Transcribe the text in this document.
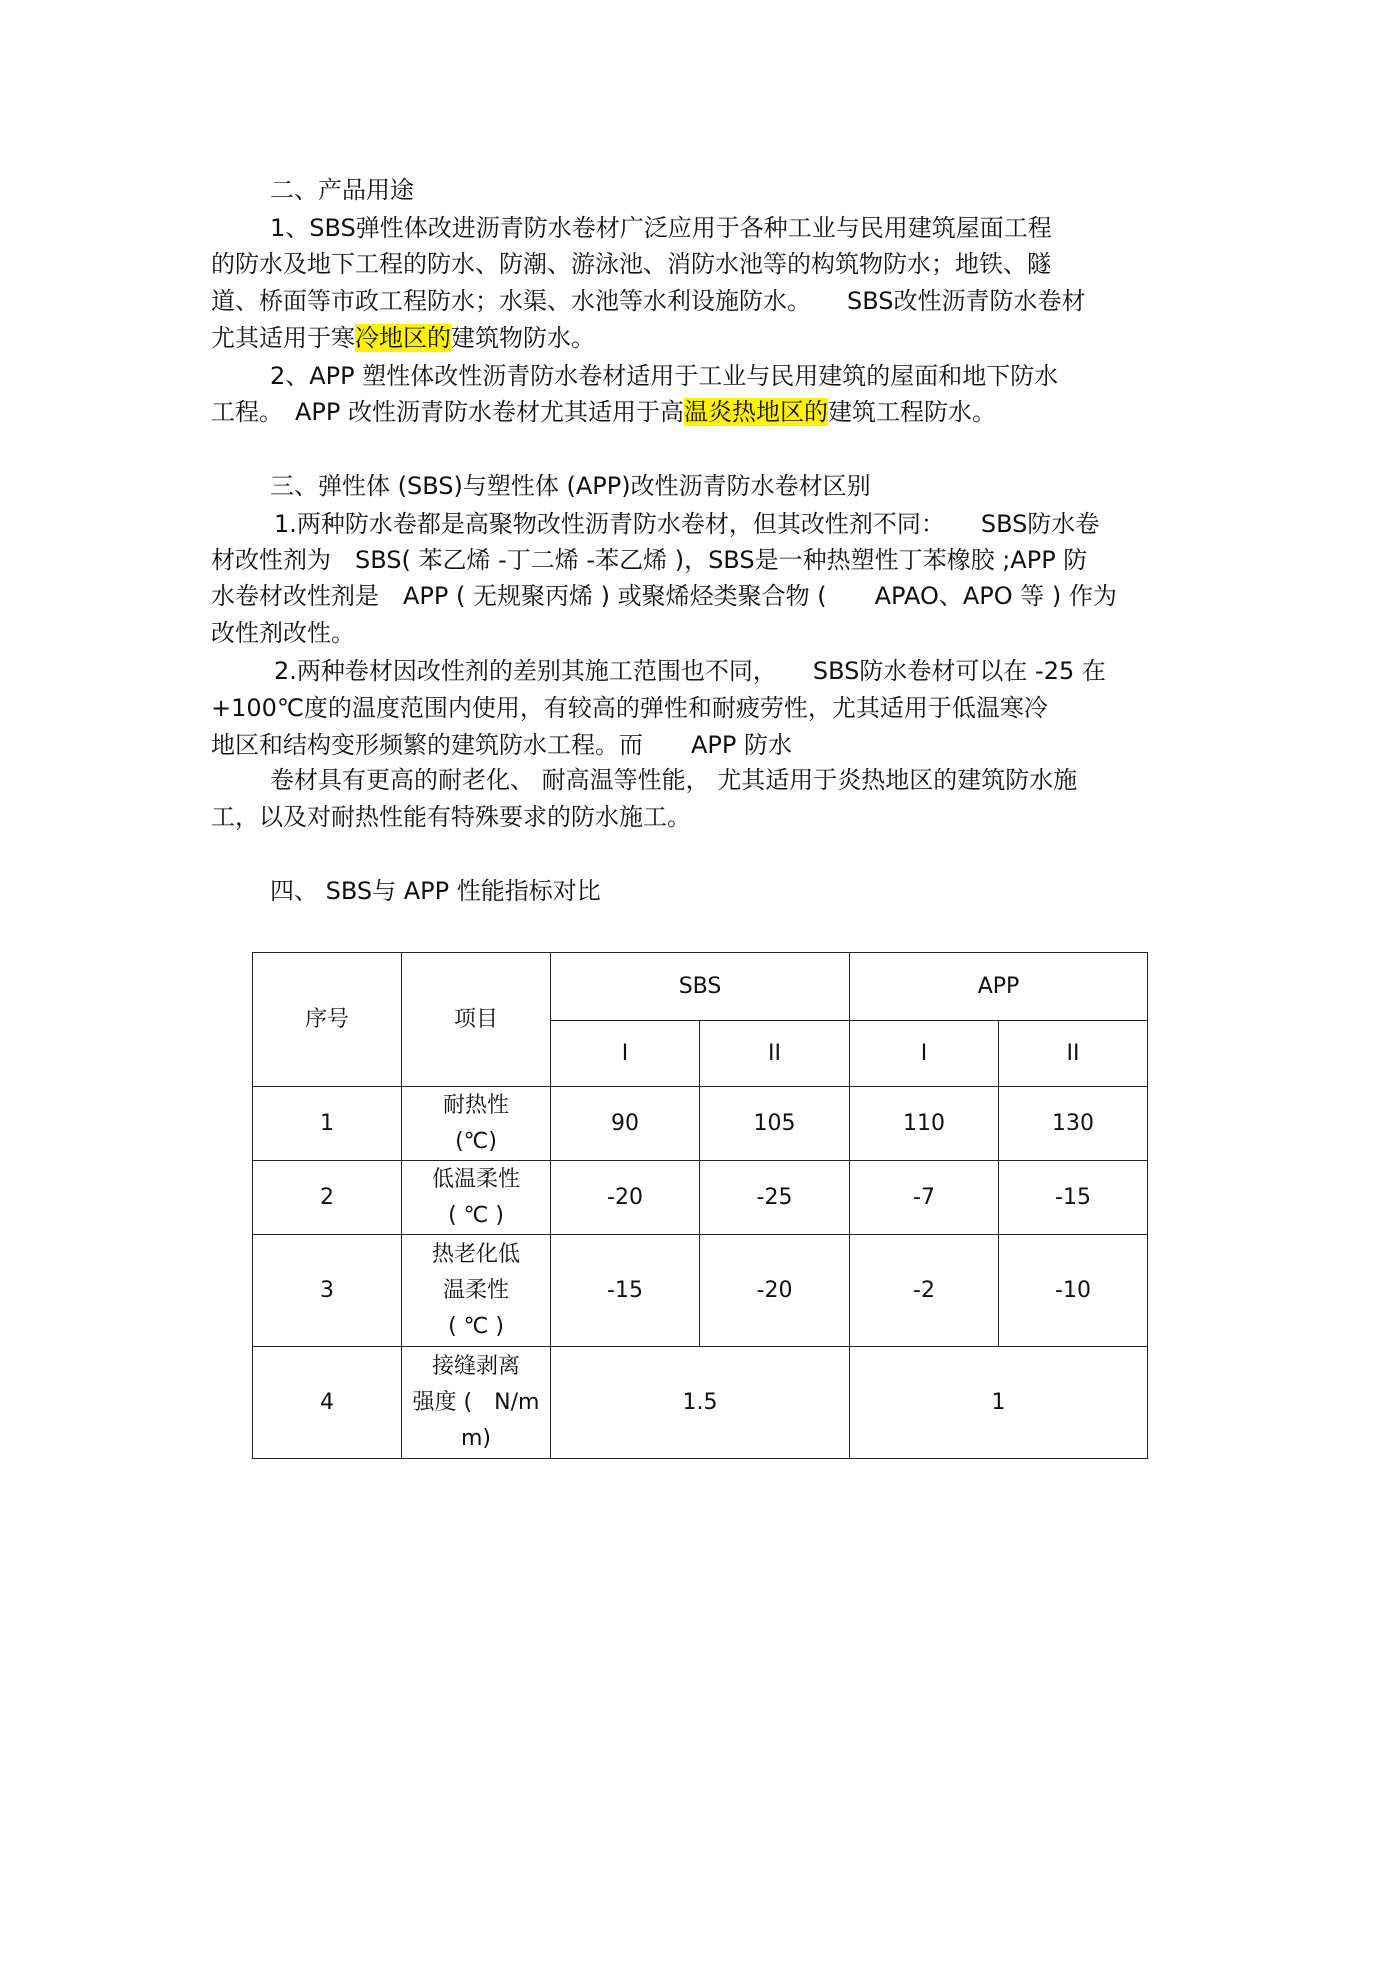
二、产品用途
1、SBS弹性体改进沥青防水卷材广泛应用于各种工业与民用建筑屋面工程
的防水及地下工程的防水、防潮、游泳池、消防水池等的构筑物防水；地铁、隧
道、桥面等市政工程防水；水渠、水池等水利设施防水。　　SBS改性沥青防水卷材
尤其适用于寒冷地区的建筑物防水。
2、APP 塑性体改性沥青防水卷材适用于工业与民用建筑的屋面和地下防水
工程。　APP 改性沥青防水卷材尤其适用于高温炎热地区的建筑工程防水。
三、弹性体 (SBS)与塑性体 (APP)改性沥青防水卷材区别
1.两种防水卷都是高聚物改性沥青防水卷材，但其改性剂不同：　　SBS防水卷
材改性剂为　SBS( 苯乙烯 -丁二烯 -苯乙烯 )，SBS是一种热塑性丁苯橡胶 ;APP 防
水卷材改性剂是　APP ( 无规聚丙烯 ) 或聚烯烃类聚合物 (　　APAO、APO 等 ) 作为
改性剂改性。
2.两种卷材因改性剂的差别其施工范围也不同，　　SBS防水卷材可以在 -25 在
+100℃度的温度范围内使用，有较高的弹性和耐疲劳性，尤其适用于低温寒冷
地区和结构变形频繁的建筑防水工程。而　　APP 防水
卷材具有更高的耐老化、 耐高温等性能， 尤其适用于炎热地区的建筑防水施
工，以及对耐热性能有特殊要求的防水施工。
四、 SBS与 APP 性能指标对比
序号	项目	SBS		APP	
		I	II	I	II
1	耐热性
(℃)	90	105	110	130
2	低温柔性
( ℃ )	-20	-25	-7	-15
3	热老化低
温柔性
( ℃ )	-15	-20	-2	-10
4	接缝剥离
强度 (　N/m
m)	1.5		1	
